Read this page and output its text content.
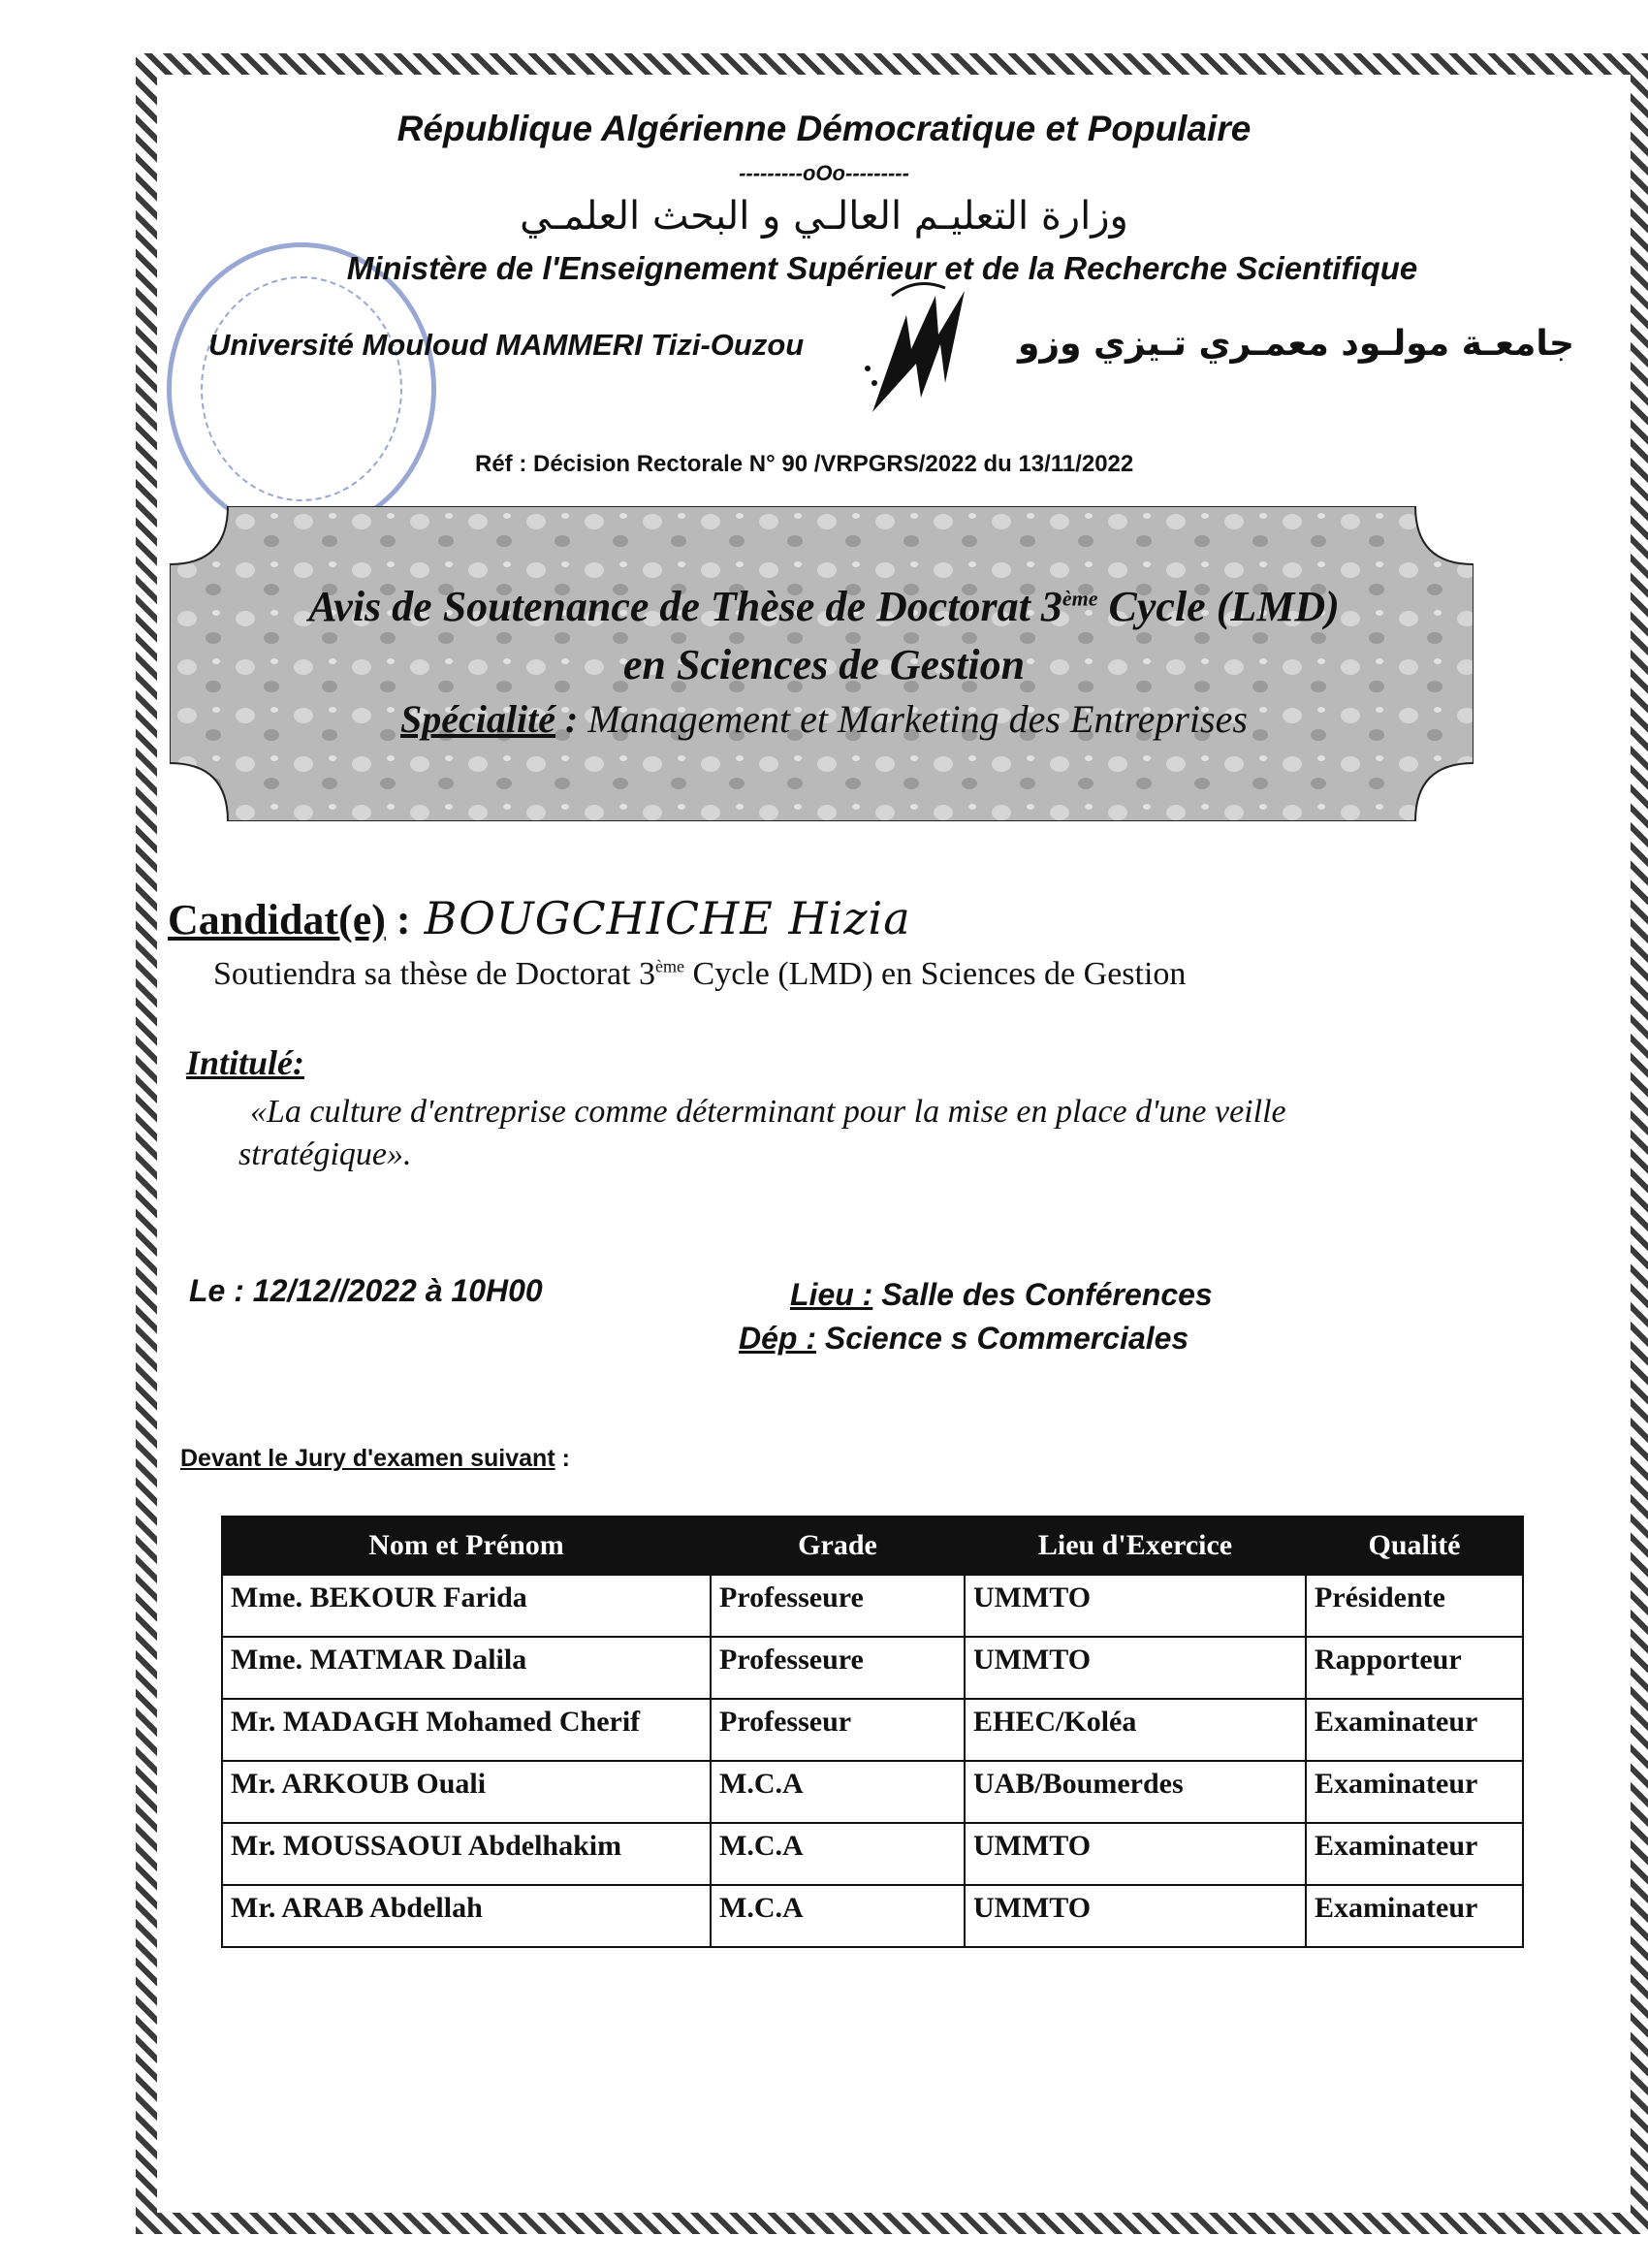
République Algérienne Démocratique et Populaire
---------oOo---------
وزارة التعليـم العالـي و البحث العلمـي
Ministère de l'Enseignement Supérieur et de la Recherche Scientifique
Université Mouloud MAMMERI Tizi-Ouzou	جامعـة مولـود معمـري تـيزي وزو
Réf : Décision Rectorale N° 90 /VRPGRS/2022 du 13/11/2022
Avis de Soutenance de Thèse de Doctorat 3ème Cycle (LMD)
en Sciences de Gestion
Spécialité : Management et Marketing des Entreprises
Candidat(e) : BOUGCHICHE Hizia
Soutiendra sa thèse de Doctorat 3ème Cycle (LMD) en Sciences de Gestion
Intitulé:
«La culture d'entreprise comme déterminant pour la mise en place d'une veille
stratégique».
Le : 12/12//2022 à 10H00	Lieu : Salle des Conférences
Dép : Science s Commerciales
Devant le Jury d'examen suivant :
Nom et Prénom	Grade	Lieu d'Exercice	Qualité
Mme. BEKOUR Farida	Professeure	UMMTO	Présidente
Mme. MATMAR Dalila	Professeure	UMMTO	Rapporteur
Mr. MADAGH Mohamed Cherif	Professeur	EHEC/Koléa	Examinateur
Mr. ARKOUB Ouali	M.C.A	UAB/Boumerdes	Examinateur
Mr. MOUSSAOUI Abdelhakim	M.C.A	UMMTO	Examinateur
Mr. ARAB Abdellah	M.C.A	UMMTO	Examinateur
